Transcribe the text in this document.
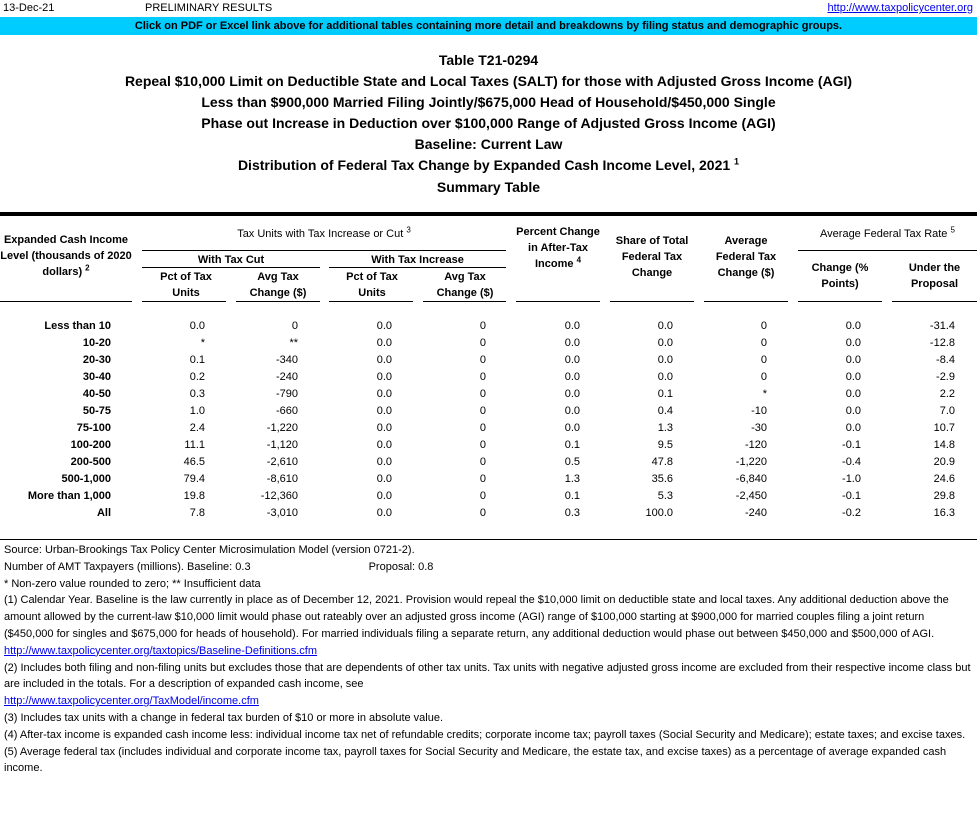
13-Dec-21	PRELIMINARY RESULTS	http://www.taxpolicycenter.org
Click on PDF or Excel link above for additional tables containing more detail and breakdowns by filing status and demographic groups.
Table T21-0294
Repeal $10,000 Limit on Deductible State and Local Taxes (SALT) for those with Adjusted Gross Income (AGI)
Less than $900,000 Married Filing Jointly/$675,000 Head of Household/$450,000 Single
Phase out Increase in Deduction over $100,000 Range of Adjusted Gross Income (AGI)
Baseline: Current Law
Distribution of Federal Tax Change by Expanded Cash Income Level, 2021 $^1$
Summary Table
Expanded Cash Income Level (thousands of 2020 dollars) $^2$
Tax Units with Tax Increase or Cut $^3$
With Tax Cut	With Tax Increase
Pct of Tax Units
Avg Tax Change ($)
Pct of Tax Units
Avg Tax Change ($)
Percent Change in After-Tax Income $^4$
Share of Total Federal Tax Change
Average Federal Tax Change ($)
Average Federal Tax Rate $^5$
Change (% Points)
Under the Proposal
Less than 10	0.0	0	0.0	0	0.0	0.0	0	0.0	-31.4
10-20	*	**	0.0	0	0.0	0.0	0	0.0	-12.8
20-30	0.1	-340	0.0	0	0.0	0.0	0	0.0	-8.4
30-40	0.2	-240	0.0	0	0.0	0.0	0	0.0	-2.9
40-50	0.3	-790	0.0	0	0.0	0.1	*	0.0	2.2
50-75	1.0	-660	0.0	0	0.0	0.4	-10	0.0	7.0
75-100	2.4	-1,220	0.0	0	0.0	1.3	-30	0.0	10.7
100-200	11.1	-1,120	0.0	0	0.1	9.5	-120	-0.1	14.8
200-500	46.5	-2,610	0.0	0	0.5	47.8	-1,220	-0.4	20.9
500-1,000	79.4	-8,610	0.0	0	1.3	35.6	-6,840	-1.0	24.6
More than 1,000	19.8	-12,360	0.0	0	0.1	5.3	-2,450	-0.1	29.8
All	7.8	-3,010	0.0	0	0.3	100.0	-240	-0.2	16.3

Source: Urban-Brookings Tax Policy Center Microsimulation Model (version 0721-2).

Number of AMT Taxpayers (millions). Baseline: 0.3	Proposal: 0.8

* Non-zero value rounded to zero; ** Insufficient data

(1) Calendar Year. Baseline is the law currently in place as of December 12, 2021. Provision would repeal the $10,000 limit on deductible state and local taxes. Any additional deduction above the amount allowed by the current-law $10,000 limit would phase out rateably over an adjusted gross income (AGI) range of $100,000 starting at $900,000 for married couples filing a joint return ($450,000 for singles and $675,000 for heads of household). For married individuals filing a separate return, any additional deduction would phase out between $450,000 and $500,000 of AGI.

http://www.taxpolicycenter.org/taxtopics/Baseline-Definitions.cfm

(2) Includes both filing and non-filing units but excludes those that are dependents of other tax units. Tax units with negative adjusted gross income are excluded from their respective income class but are included in the totals. For a description of expanded cash income, see

http://www.taxpolicycenter.org/TaxModel/income.cfm

(3) Includes tax units with a change in federal tax burden of $10 or more in absolute value.

(4) After-tax income is expanded cash income less: individual income tax net of refundable credits; corporate income tax; payroll taxes (Social Security and Medicare); estate taxes; and excise taxes.

(5) Average federal tax (includes individual and corporate income tax, payroll taxes for Social Security and Medicare, the estate tax, and excise taxes) as a percentage of average expanded cash income.
